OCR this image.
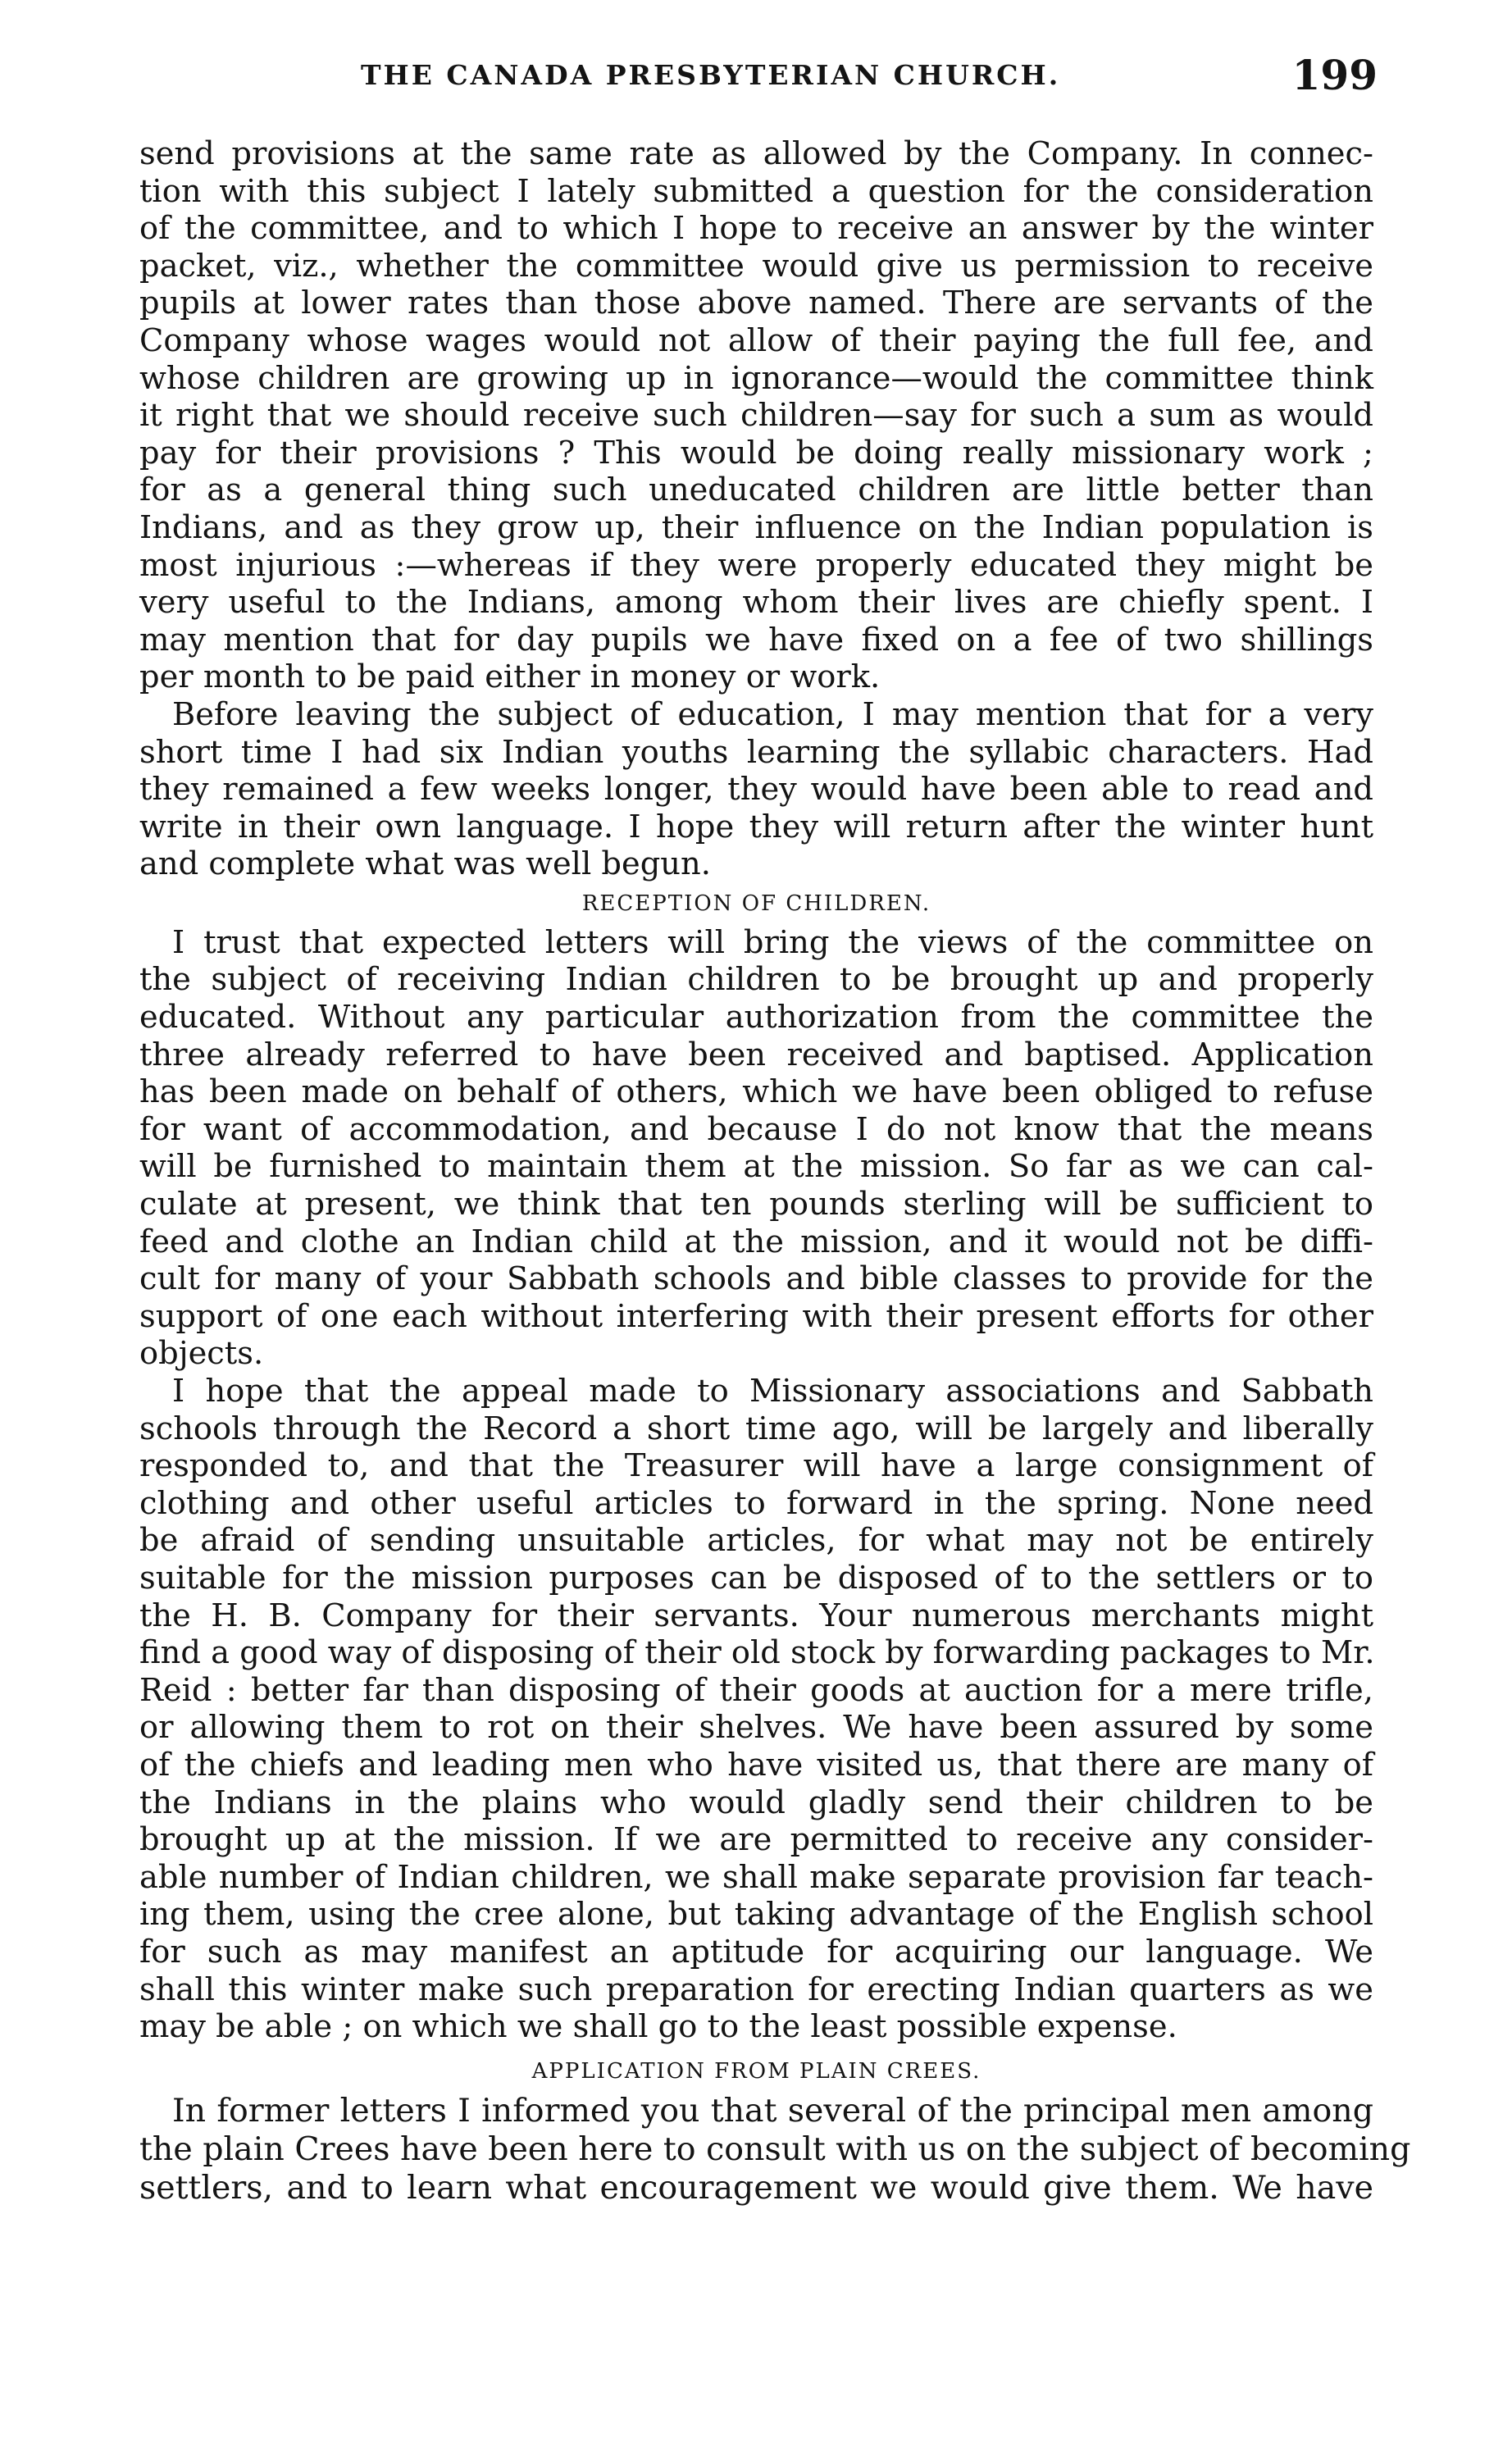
THE CANADA PRESBYTERIAN CHURCH.	199
send provisions at the same rate as allowed by the Company. In connec-
tion with this subject I lately submitted a question for the consideration
of the committee, and to which I hope to receive an answer by the winter
packet, viz., whether the committee would give us permission to receive
pupils at lower rates than those above named. There are servants of the
Company whose wages would not allow of their paying the full fee, and
whose children are growing up in ignorance—would the committee think
it right that we should receive such children—say for such a sum as would
pay for their provisions ? This would be doing really missionary work ;
for as a general thing such uneducated children are little better than
Indians, and as they grow up, their influence on the Indian population is
most injurious :—whereas if they were properly educated they might be
very useful to the Indians, among whom their lives are chiefly spent. I
may mention that for day pupils we have fixed on a fee of two shillings
per month to be paid either in money or work.
Before leaving the subject of education, I may mention that for a very
short time I had six Indian youths learning the syllabic characters. Had
they remained a few weeks longer, they would have been able to read and
write in their own language. I hope they will return after the winter hunt
and complete what was well begun.
RECEPTION OF CHILDREN.
I trust that expected letters will bring the views of the committee on
the subject of receiving Indian children to be brought up and properly
educated. Without any particular authorization from the committee the
three already referred to have been received and baptised. Application
has been made on behalf of others, which we have been obliged to refuse
for want of accommodation, and because I do not know that the means
will be furnished to maintain them at the mission. So far as we can cal-
culate at present, we think that ten pounds sterling will be sufficient to
feed and clothe an Indian child at the mission, and it would not be diffi-
cult for many of your Sabbath schools and bible classes to provide for the
support of one each without interfering with their present efforts for other
objects.
I hope that the appeal made to Missionary associations and Sabbath
schools through the Record a short time ago, will be largely and liberally
responded to, and that the Treasurer will have a large consignment of
clothing and other useful articles to forward in the spring. None need
be afraid of sending unsuitable articles, for what may not be entirely
suitable for the mission purposes can be disposed of to the settlers or to
the H. B. Company for their servants. Your numerous merchants might
find a good way of disposing of their old stock by forwarding packages to Mr.
Reid : better far than disposing of their goods at auction for a mere trifle,
or allowing them to rot on their shelves. We have been assured by some
of the chiefs and leading men who have visited us, that there are many of
the Indians in the plains who would gladly send their children to be
brought up at the mission. If we are permitted to receive any consider-
able number of Indian children, we shall make separate provision far teach-
ing them, using the cree alone, but taking advantage of the English school
for such as may manifest an aptitude for acquiring our language. We
shall this winter make such preparation for erecting Indian quarters as we
may be able ; on which we shall go to the least possible expense.
APPLICATION FROM PLAIN CREES.
In former letters I informed you that several of the principal men among
the plain Crees have been here to consult with us on the subject of becoming
settlers, and to learn what encouragement we would give them. We have
